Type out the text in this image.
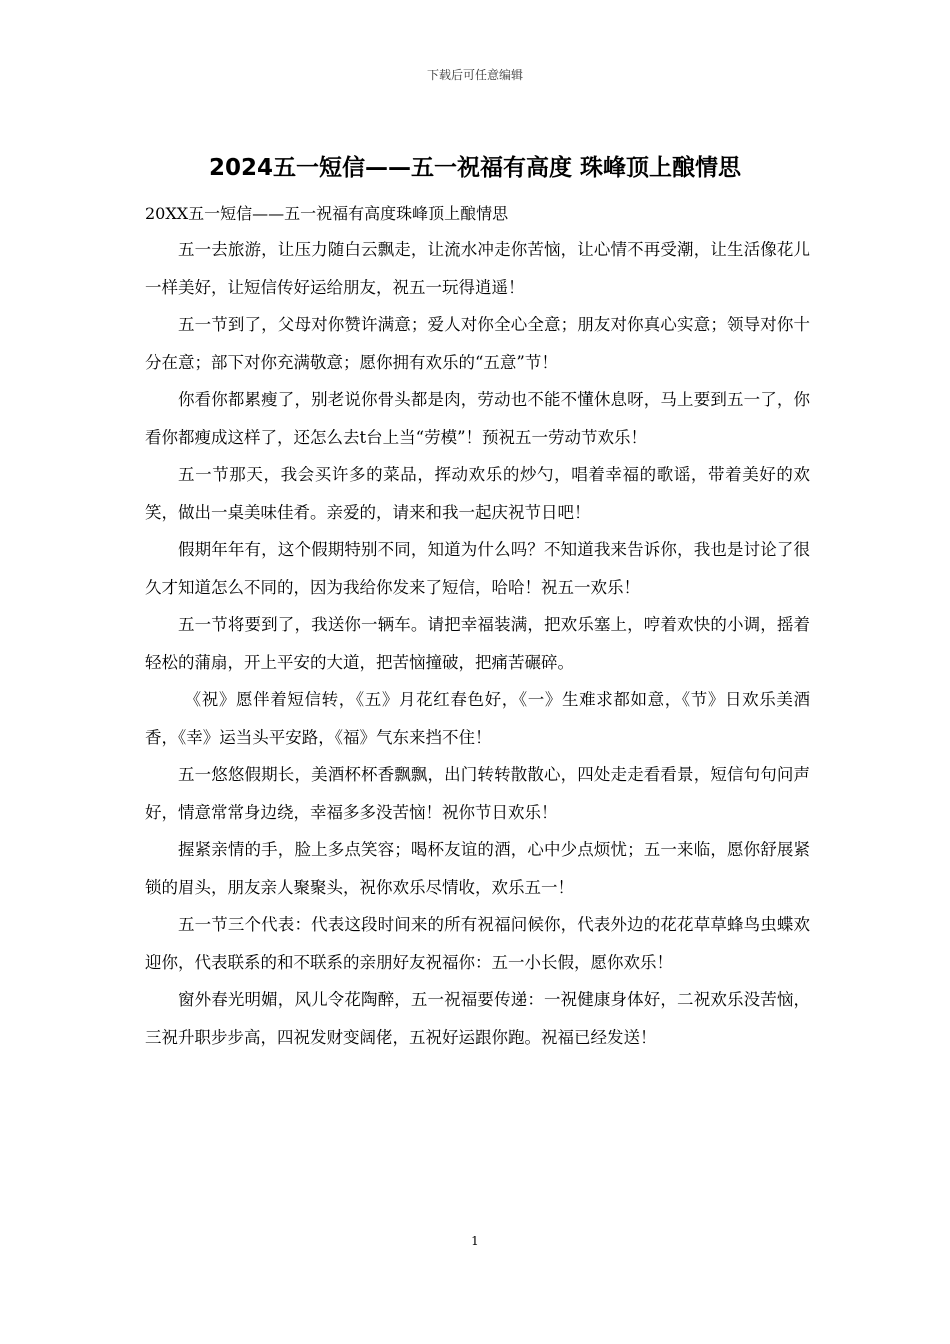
下载后可任意编辑
2024五一短信——五一祝福有高度 珠峰顶上酿情思

20XX五一短信——五一祝福有高度珠峰顶上酿情思

五一去旅游，让压力随白云飘走，让流水冲走你苦恼，让心情不再受潮，让生活像花儿一样美好，让短信传好运给朋友，祝五一玩得逍遥！

五一节到了，父母对你赞许满意；爱人对你全心全意；朋友对你真心实意；领导对你十分在意；部下对你充满敬意；愿你拥有欢乐的“五意”节！

你看你都累瘦了，别老说你骨头都是肉，劳动也不能不懂休息呀，马上要到五一了，你看你都瘦成这样了，还怎么去t台上当“劳模”！预祝五一劳动节欢乐！

五一节那天，我会买许多的菜品，挥动欢乐的炒勺，唱着幸福的歌谣，带着美好的欢笑，做出一桌美味佳肴。亲爱的，请来和我一起庆祝节日吧！

假期年年有，这个假期特别不同，知道为什么吗？不知道我来告诉你，我也是讨论了很久才知道怎么不同的，因为我给你发来了短信，哈哈！祝五一欢乐！

五一节将要到了，我送你一辆车。请把幸福装满，把欢乐塞上，哼着欢快的小调，摇着轻松的蒲扇，开上平安的大道，把苦恼撞破，把痛苦碾碎。

《祝》愿伴着短信转，《五》月花红春色好，《一》生难求都如意，《节》日欢乐美酒香，《幸》运当头平安路，《福》气东来挡不住！

五一悠悠假期长，美酒杯杯香飘飘，出门转转散散心，四处走走看看景，短信句句问声好，情意常常身边绕，幸福多多没苦恼！祝你节日欢乐！

握紧亲情的手，脸上多点笑容；喝杯友谊的酒，心中少点烦忧；五一来临，愿你舒展紧锁的眉头，朋友亲人聚聚头，祝你欢乐尽情收，欢乐五一！

五一节三个代表：代表这段时间来的所有祝福问候你，代表外边的花花草草蜂鸟虫蝶欢迎你，代表联系的和不联系的亲朋好友祝福你：五一小长假，愿你欢乐！

窗外春光明媚，风儿令花陶醉，五一祝福要传递：一祝健康身体好，二祝欢乐没苦恼，三祝升职步步高，四祝发财变阔佬，五祝好运跟你跑。祝福已经发送！

1
